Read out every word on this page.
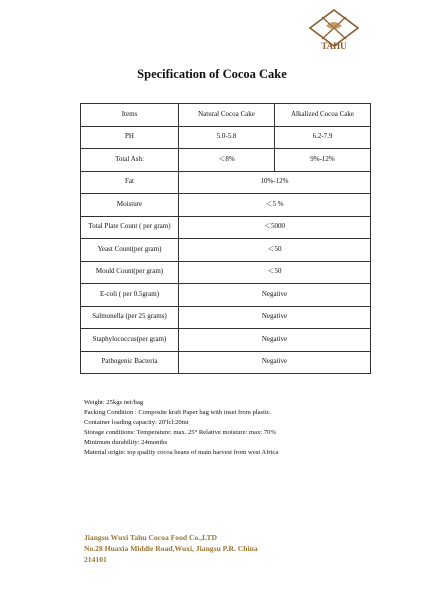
TAHU
Specification of Cocoa Cake
Items	Natural Cocoa Cake	Alkalized Cocoa Cake
PH	5.0-5.8	6.2-7.9
Total Ash:	＜8%	9%-12%
Fat	10%-12%	
Moisture	＜5 %	
Total Plate Count ( per gram)	＜5000	
Yeast Count(per gram)	＜50	
Mould Count(per gram)	＜50	
E-coli ( per 0.5gram)	Negative	
Salmonella (per 25 grams)	Negative	
Staphylococcus(per gram)	Negative	
Pathogenic Bacteria	Negative	
Weight: 25kgs net/bag
Packing Condition : Composite kraft Paper bag with inset from plastic.
Container loading capacity: 20'fcl:20mt
Storage conditions: Temperature: max. 25° Relative moisture: max: 70%
Minimum durability: 24months
Material origin: top quality cocoa beans of main harvest from west Africa
Jiangsu Wuxi Tahu Cocoa Food Co.,LTD
No.28 Huaxia Middle Road,Wuxi, Jiangsu P.R. China
214101
